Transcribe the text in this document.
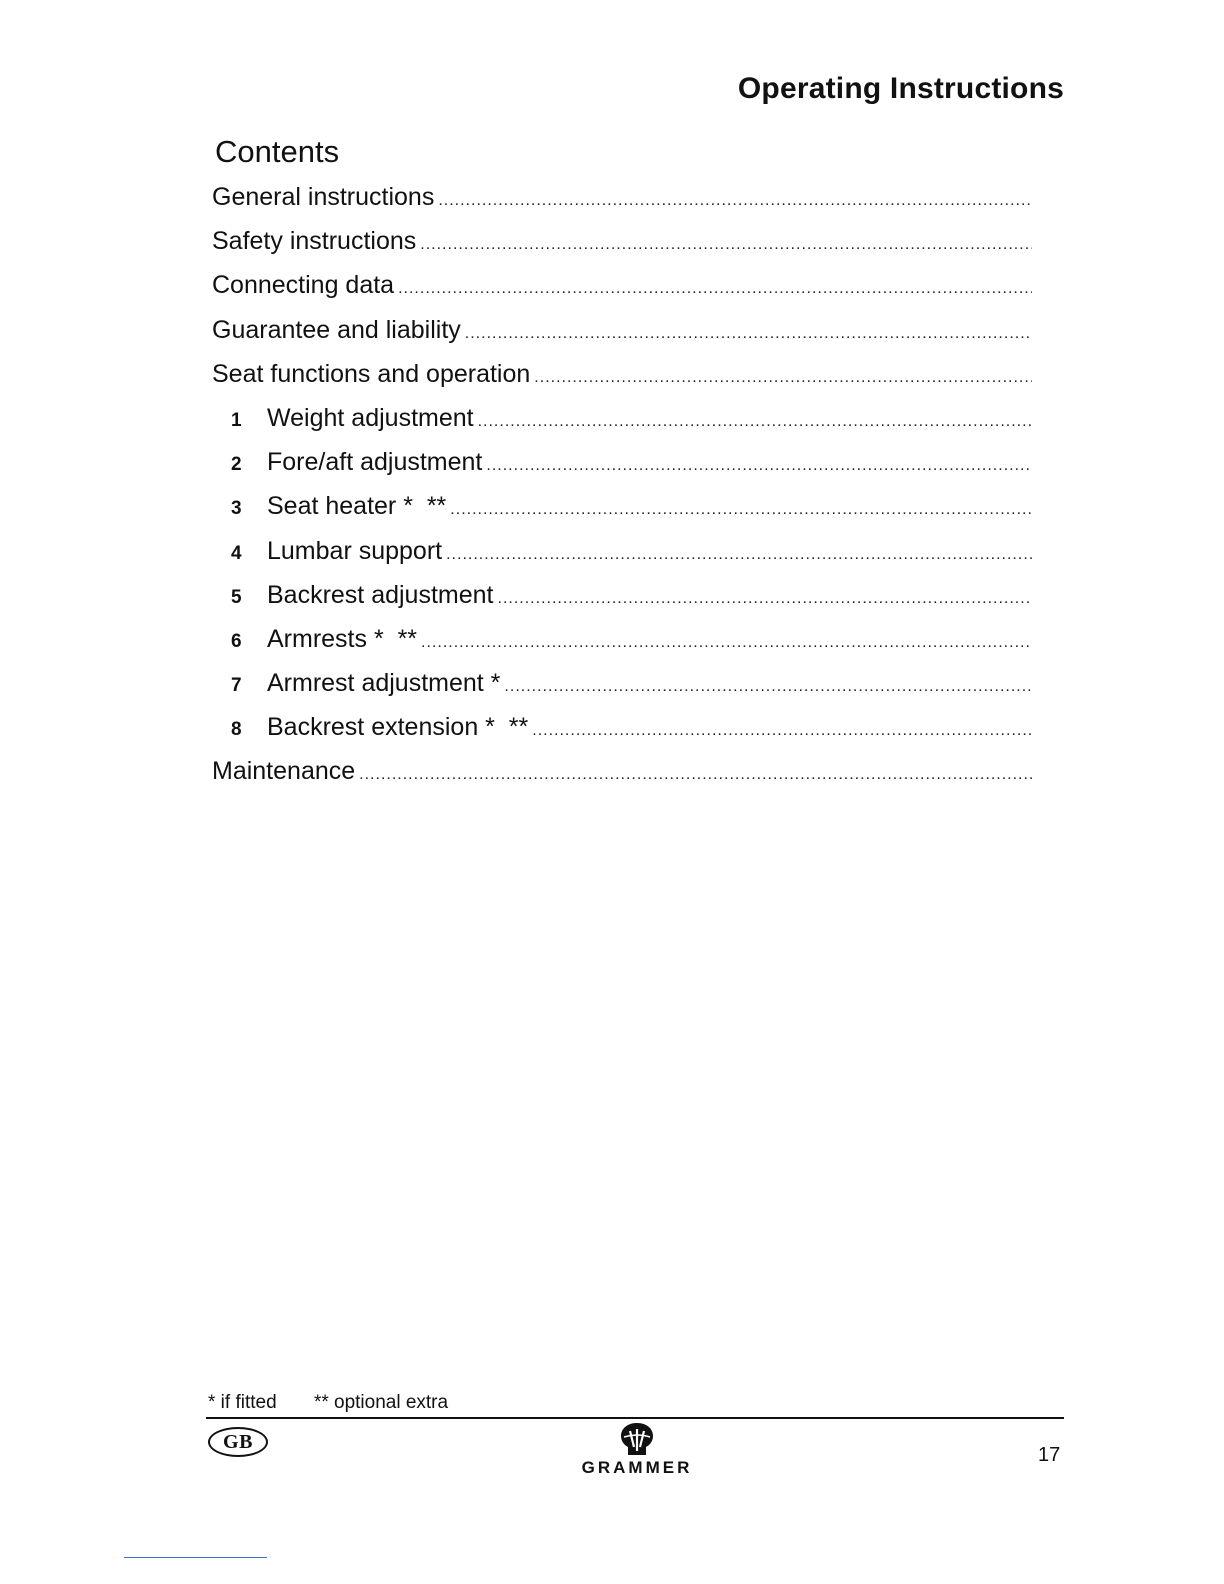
Operating Instructions
Contents
General instructions
.....
Safety instructions
.....
Connecting data
.....
Guarantee and liability
.....
Seat functions and operation
.....
1	Weight adjustment
.....
2	Fore/aft adjustment
.....
3	Seat heater *  **
.....
4	Lumbar support
.....
5	Backrest adjustment
.....
6	Armrests *  **
.....
7	Armrest adjustment *
.....
8	Backrest extension *  **
.....
Maintenance
.....
* if fitted ** optional extra
GB
GRAMMER
17
